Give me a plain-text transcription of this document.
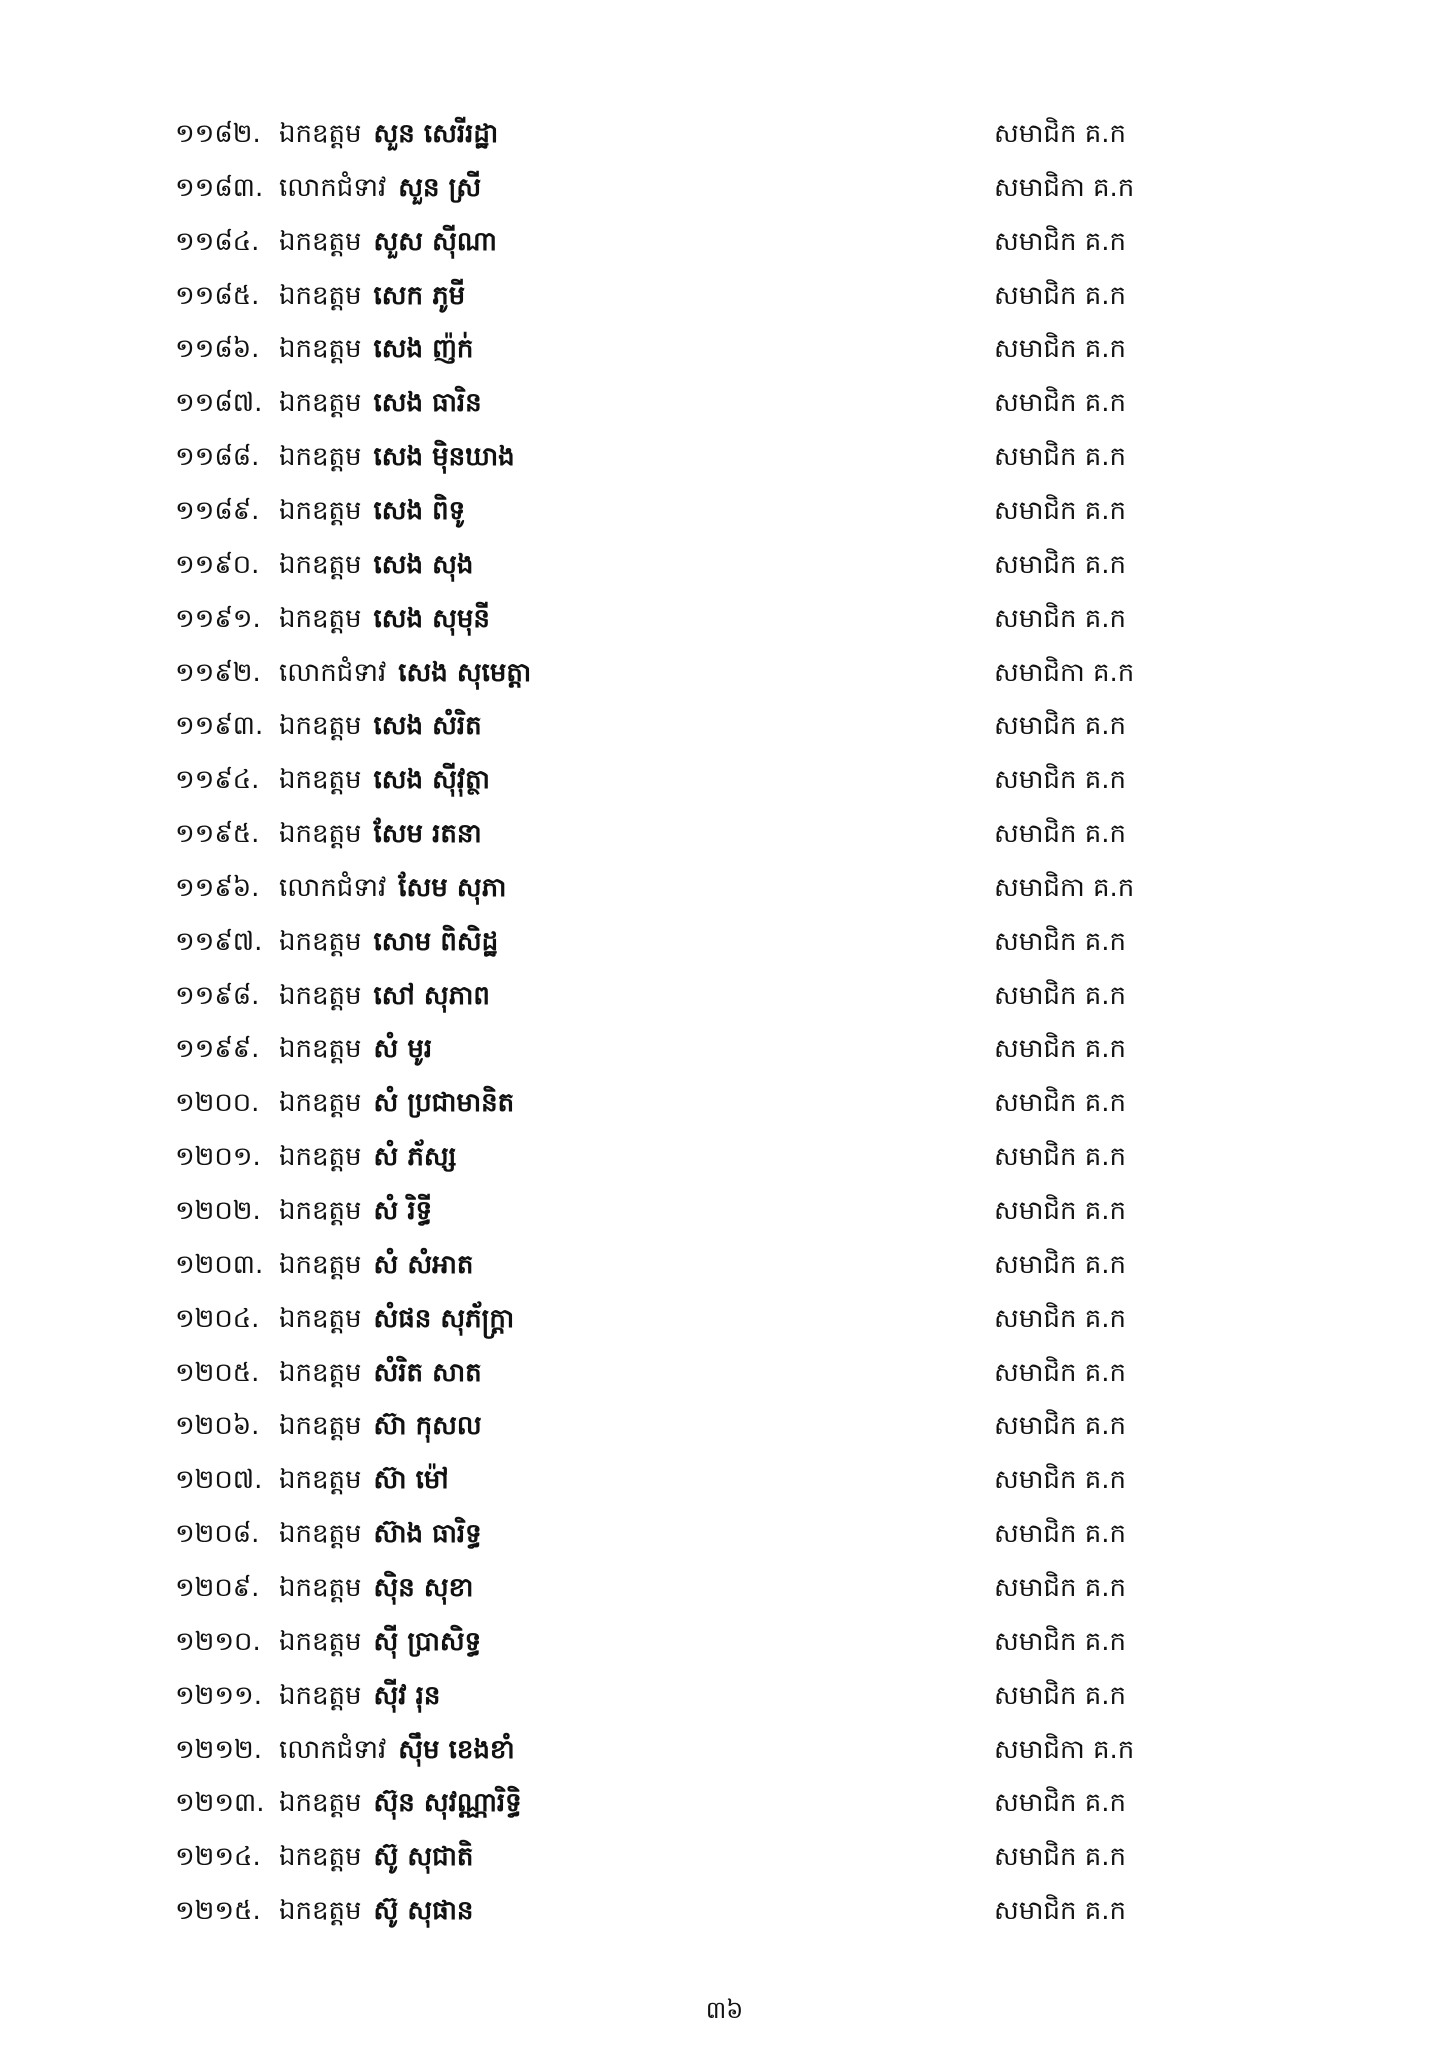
១១៨២. ឯកឧត្តម សួន សេរីរដ្ឋា	សមាជិក គ.ក
១១៨៣. លោកជំទាវ សួន ស្រី	សមាជិកា គ.ក
១១៨៤. ឯកឧត្តម សួស ស៊ីណា	សមាជិក គ.ក
១១៨៥. ឯកឧត្តម សេក ភូមី	សមាជិក គ.ក
១១៨៦. ឯកឧត្តម សេង ញ៉ក់	សមាជិក គ.ក
១១៨៧. ឯកឧត្តម សេង ធារិន	សមាជិក គ.ក
១១៨៨. ឯកឧត្តម សេង ម៉ិនឃាង	សមាជិក គ.ក
១១៨៩. ឯកឧត្តម សេង ពិទូ	សមាជិក គ.ក
១១៩០. ឯកឧត្តម សេង សុង	សមាជិក គ.ក
១១៩១. ឯកឧត្តម សេង សុមុនី	សមាជិក គ.ក
១១៩២. លោកជំទាវ សេង សុមេត្តា	សមាជិកា គ.ក
១១៩៣. ឯកឧត្តម សេង សំរិត	សមាជិក គ.ក
១១៩៤. ឯកឧត្តម សេង ស៊ីវុត្ថា	សមាជិក គ.ក
១១៩៥. ឯកឧត្តម សែម រតនា	សមាជិក គ.ក
១១៩៦. លោកជំទាវ សែម សុភា	សមាជិកា គ.ក
១១៩៧. ឯកឧត្តម សោម ពិសិដ្ឋ	សមាជិក គ.ក
១១៩៨. ឯកឧត្តម សៅ សុភាព	សមាជិក គ.ក
១១៩៩. ឯកឧត្តម សំ មូរ	សមាជិក គ.ក
១២០០. ឯកឧត្តម សំ ប្រជាមានិត	សមាជិក គ.ក
១២០១. ឯកឧត្តម សំ ភ័ស្ស	សមាជិក គ.ក
១២០២. ឯកឧត្តម សំ រិទ្ធី	សមាជិក គ.ក
១២០៣. ឯកឧត្តម សំ សំអាត	សមាជិក គ.ក
១២០៤. ឯកឧត្តម សំផន សុភ័ក្រ្តា	សមាជិក គ.ក
១២០៥. ឯកឧត្តម សំរិត សាត	សមាជិក គ.ក
១២០៦. ឯកឧត្តម ស៊ា កុសល	សមាជិក គ.ក
១២០៧. ឯកឧត្តម ស៊ា ម៉ៅ	សមាជិក គ.ក
១២០៨. ឯកឧត្តម ស៊ាង ធារិទ្ធ	សមាជិក គ.ក
១២០៩. ឯកឧត្តម ស៊ិន សុខា	សមាជិក គ.ក
១២១០. ឯកឧត្តម ស៊ី ប្រាសិទ្ធ	សមាជិក គ.ក
១២១១. ឯកឧត្តម ស៊ីវ រុន	សមាជិក គ.ក
១២១២. លោកជំទាវ ស៊ឹម ខេងខាំ	សមាជិកា គ.ក
១២១៣. ឯកឧត្តម ស៊ុន សុវណ្ណារិទ្ធិ	សមាជិក គ.ក
១២១៤. ឯកឧត្តម ស៊ូ សុជាតិ	សមាជិក គ.ក
១២១៥. ឯកឧត្តម ស៊ូ សុផាន	សមាជិក គ.ក
៣៦
